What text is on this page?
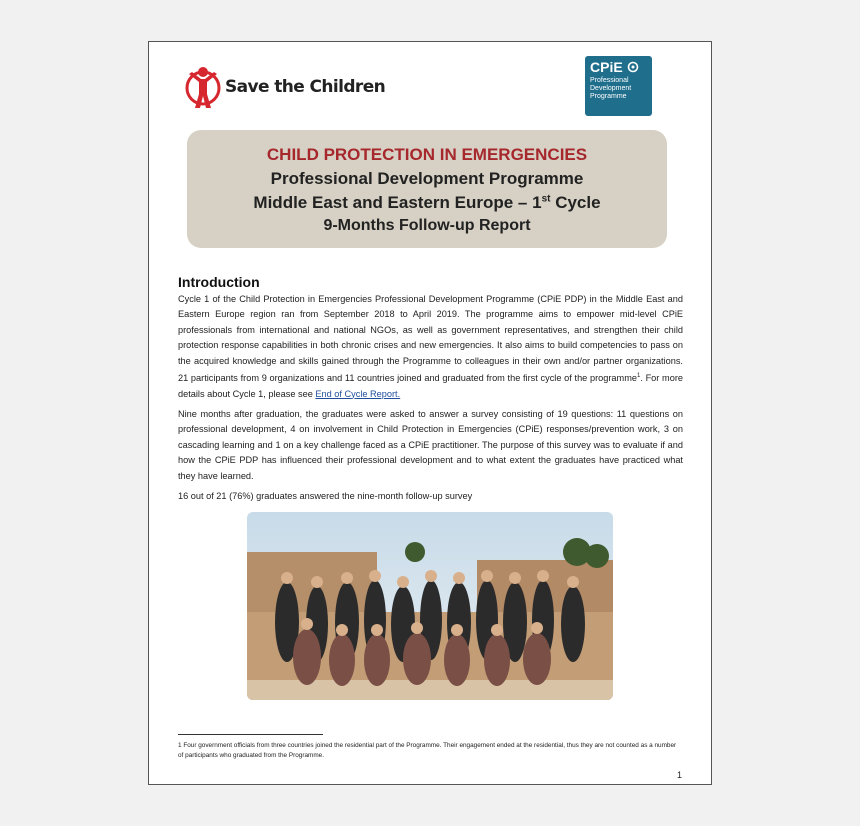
Save the Children
CPiE
Professional
Development
Programme
CHILD PROTECTION IN EMERGENCIES
Professional Development Programme
Middle East and Eastern Europe – 1st Cycle
9-Months Follow-up Report
Introduction

Cycle 1 of the Child Protection in Emergencies Professional Development Programme (CPiE PDP) in the Middle East and Eastern Europe region ran from September 2018 to April 2019. The programme aims to empower mid-level CPiE professionals from international and national NGOs, as well as government representatives, and strengthen their child protection response capabilities in both chronic crises and new emergencies. It also aims to build competencies to pass on the acquired knowledge and skills gained through the Programme to colleagues in their own and/or partner organizations. 21 participants from 9 organizations and 11 countries joined and graduated from the first cycle of the programme$^1$. For more details about Cycle 1, please see End of Cycle Report.

Nine months after graduation, the graduates were asked to answer a survey consisting of 19 questions: 11 questions on professional development, 4 on involvement in Child Protection in Emergencies (CPiE) responses/prevention work, 3 on cascading learning and 1 on a key challenge faced as a CPiE practitioner. The purpose of this survey was to evaluate if and how the CPiE PDP has influenced their professional development and to what extent the graduates have practiced what they have learned.

16 out of 21 (76%) graduates answered the nine-month follow-up survey

1 Four government officials from three countries joined the residential part of the Programme. Their engagement ended at the residential, thus they are not counted as a number of participants who graduated from the Programme.
1
